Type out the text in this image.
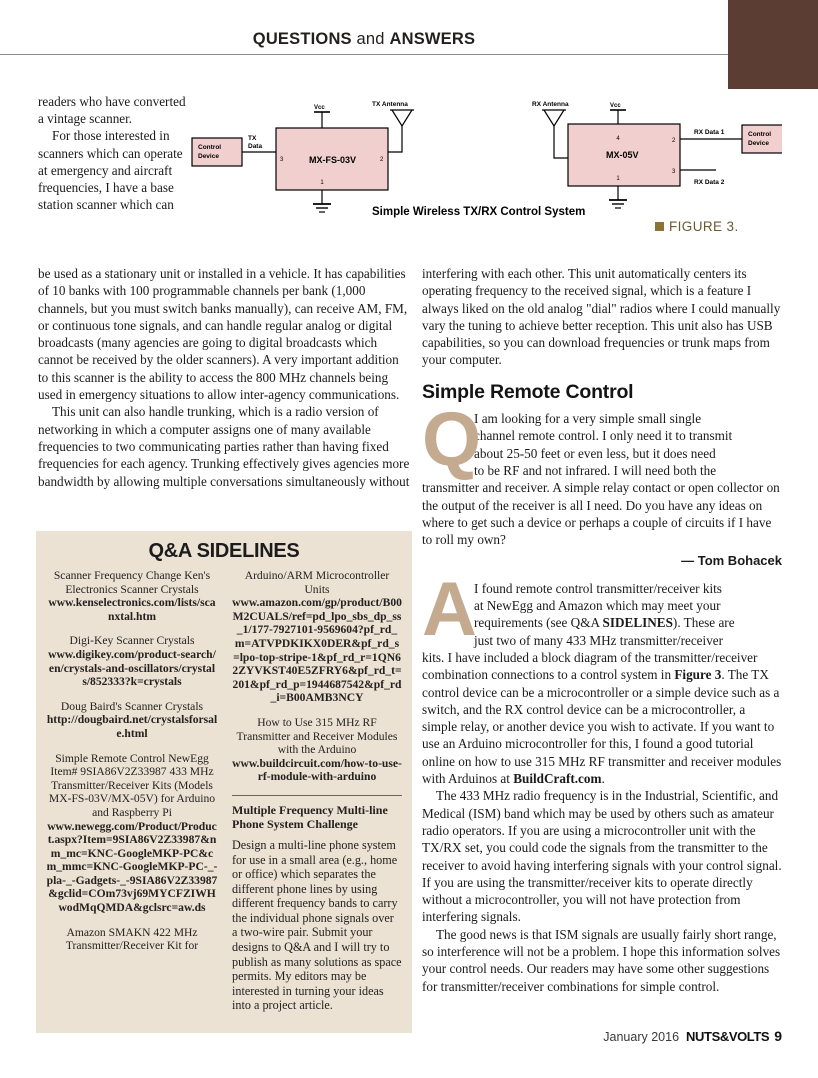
QUESTIONS and ANSWERS
Control
Device
TX
Data
Vcc	TX Antenna
MX-FS-03V
3	2
1
RX Antenna	Vcc
MX-05V
4	2
3
1
RX Data 1
RX Data 2
Control
Device
Simple Wireless TX/RX Control System
FIGURE 3.

readers who have converted a vintage scanner.

For those interested in scanners which can operate at emergency and aircraft frequencies, I have a base station scanner which can

be used as a stationary unit or installed in a vehicle. It has capabilities of 10 banks with 100 programmable channels per bank (1,000 channels, but you must switch banks manually), can receive AM, FM, or continuous tone signals, and can handle regular analog or digital broadcasts (many agencies are going to digital broadcasts which cannot be received by the older scanners). A very important addition to this scanner is the ability to access the 800 MHz channels being used in emergency situations to allow inter-agency communications.

This unit can also handle trunking, which is a radio version of networking in which a computer assigns one of many available frequencies to two communicating parties rather than having fixed frequencies for each agency. Trunking effectively gives agencies more bandwidth by allowing multiple conversations simultaneously without

interfering with each other. This unit automatically centers its operating frequency to the received signal, which is a feature I always liked on the old analog "dial" radios where I could manually vary the tuning to achieve better reception. This unit also has USB capabilities, so you can download frequencies or trunk maps from your computer.

Simple Remote Control

Q

I am looking for a very simple small single

channel remote control. I only need it to transmit

about 25-50 feet or even less, but it does need

to be RF and not infrared. I will need both the

transmitter and receiver. A simple relay contact or open collector on the output of the receiver is all I need. Do you have any ideas on where to get such a device or perhaps a couple of circuits if I have to roll my own?

— Tom Bohacek

A

I found remote control transmitter/receiver kits

at NewEgg and Amazon which may meet your

requirements (see Q&A SIDELINES). These are

just two of many 433 MHz transmitter/receiver

kits. I have included a block diagram of the transmitter/receiver combination connections to a control system in Figure 3. The TX control device can be a microcontroller or a simple device such as a switch, and the RX control device can be a microcontroller, a simple relay, or another device you wish to activate. If you want to use an Arduino microcontroller for this, I found a good tutorial online on how to use 315 MHz RF transmitter and receiver modules with Arduinos at BuildCraft.com.

The 433 MHz radio frequency is in the Industrial, Scientific, and Medical (ISM) band which may be used by others such as amateur radio operators. If you are using a microcontroller unit with the TX/RX set, you could code the signals from the transmitter to the receiver to avoid having interfering signals with your control signal. If you are using the transmitter/receiver kits to operate directly without a microcontroller, you will not have protection from interfering signals.

The good news is that ISM signals are usually fairly short range, so interference will not be a problem. I hope this information solves your control needs. Our readers may have some other suggestions for transmitter/receiver combinations for simple control.

Q&A SIDELINES
Scanner Frequency Change Ken's Electronics Scanner Crystals
www.kenselectronics.com/lists/scanxtal.htm
Digi-Key Scanner Crystals
www.digikey.com/product-search/en/crystals-and-oscillators/crystals/852333?k=crystals
Doug Baird's Scanner Crystals
http://dougbaird.net/crystalsforsale.html
Simple Remote Control NewEgg Item# 9SIA86V2Z33987 433 MHz Transmitter/Receiver Kits (Models MX-FS-03V/MX-05V) for Arduino and Raspberry Pi
www.newegg.com/Product/Product.aspx?Item=9SIA86V2Z33987&nm_mc=KNC-GoogleMKP-PC&cm_mmc=KNC-GoogleMKP-PC-_-pla-_-Gadgets-_-9SIA86V2Z33987&gclid=COm73vj69MYCFZIWHwodMqQMDA&gclsrc=aw.ds
Amazon SMAKN 422 MHz Transmitter/Receiver Kit for
Arduino/ARM Microcontroller Units
www.amazon.com/gp/product/B00M2CUALS/ref=pd_lpo_sbs_dp_ss_1/177-7927101-9569604?pf_rd_m=ATVPDKIKX0DER&pf_rd_s=lpo-top-stripe-1&pf_rd_r=1QN62ZYVKST40E5ZFRY6&pf_rd_t=201&pf_rd_p=1944687542&pf_rd_i=B00AMB3NCY
How to Use 315 MHz RF Transmitter and Receiver Modules with the Arduino
www.buildcircuit.com/how-to-use-rf-module-with-arduino
Multiple Frequency Multi-line Phone System Challenge
Design a multi-line phone system for use in a small area (e.g., home or office) which separates the different phone lines by using different frequency bands to carry the individual phone signals over a two-wire pair. Submit your designs to Q&A and I will try to publish as many solutions as space permits. My editors may be interested in turning your ideas into a project article.
January 2016 NUTS&VOLTS 9
